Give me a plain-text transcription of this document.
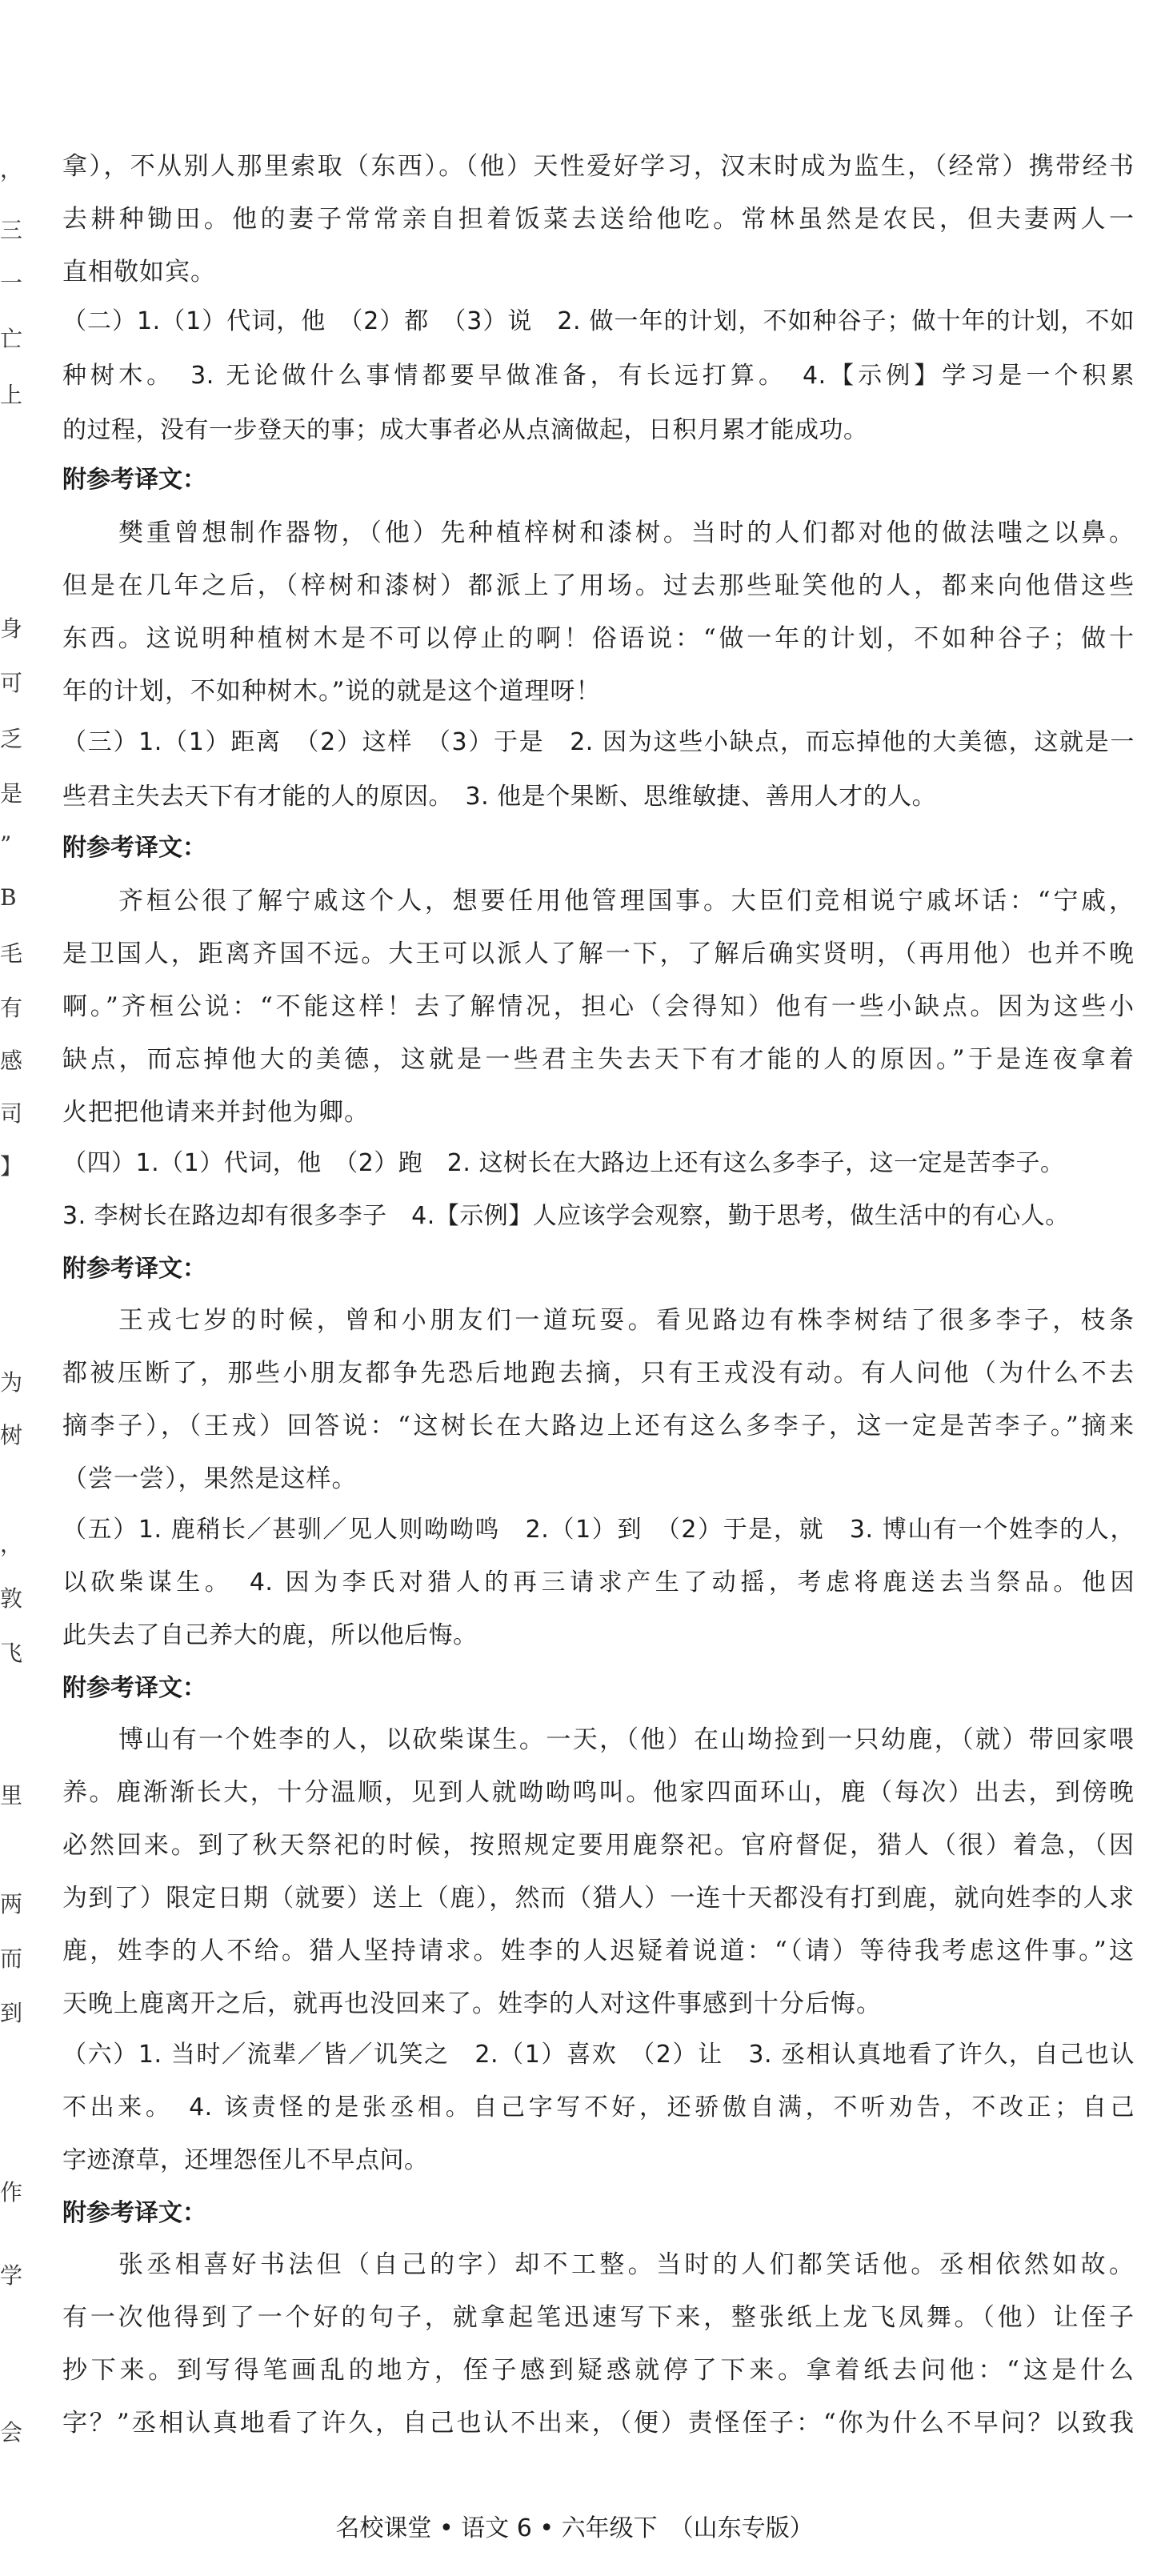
，
三
一
亡
上
身
可
乏
是
”
B
毛
有
感
司
】
为
树
，
敦
飞
里
两
而
到
作
学
会
拿），不从别人那里索取（东西）。（他）天性爱好学习，汉末时成为监生，（经常）携带经书
去耕种锄田。他的妻子常常亲自担着饭菜去送给他吃。常林虽然是农民，但夫妻两人一
直相敬如宾。
（二）1.（1）代词，他　（2）都　（3）说　2. 做一年的计划，不如种谷子；做十年的计划，不如
种树木。　3. 无论做什么事情都要早做准备，有长远打算。　4.【示例】学习是一个积累
的过程，没有一步登天的事；成大事者必从点滴做起，日积月累才能成功。
附参考译文：
樊重曾想制作器物，（他）先种植梓树和漆树。当时的人们都对他的做法嗤之以鼻。
但是在几年之后，（梓树和漆树）都派上了用场。过去那些耻笑他的人，都来向他借这些
东西。这说明种植树木是不可以停止的啊！俗语说：“做一年的计划，不如种谷子；做十
年的计划，不如种树木。”说的就是这个道理呀！
（三）1.（1）距离　（2）这样　（3）于是　2. 因为这些小缺点，而忘掉他的大美德，这就是一
些君主失去天下有才能的人的原因。　3. 他是个果断、思维敏捷、善用人才的人。
附参考译文：
齐桓公很了解宁戚这个人，想要任用他管理国事。大臣们竞相说宁戚坏话：“宁戚，
是卫国人，距离齐国不远。大王可以派人了解一下，了解后确实贤明，（再用他）也并不晚
啊。”齐桓公说：“不能这样！去了解情况，担心（会得知）他有一些小缺点。因为这些小
缺点，而忘掉他大的美德，这就是一些君主失去天下有才能的人的原因。”于是连夜拿着
火把把他请来并封他为卿。
（四）1.（1）代词，他　（2）跑　2. 这树长在大路边上还有这么多李子，这一定是苦李子。
3. 李树长在路边却有很多李子　4.【示例】人应该学会观察，勤于思考，做生活中的有心人。
附参考译文：
王戎七岁的时候，曾和小朋友们一道玩耍。看见路边有株李树结了很多李子，枝条
都被压断了，那些小朋友都争先恐后地跑去摘，只有王戎没有动。有人问他（为什么不去
摘李子），（王戎）回答说：“这树长在大路边上还有这么多李子，这一定是苦李子。”摘来
（尝一尝），果然是这样。
（五）1. 鹿稍长／甚驯／见人则呦呦鸣　2.（1）到　（2）于是，就　3. 博山有一个姓李的人，
以砍柴谋生。　4. 因为李氏对猎人的再三请求产生了动摇，考虑将鹿送去当祭品。他因
此失去了自己养大的鹿，所以他后悔。
附参考译文：
博山有一个姓李的人，以砍柴谋生。一天，（他）在山坳捡到一只幼鹿，（就）带回家喂
养。鹿渐渐长大，十分温顺，见到人就呦呦鸣叫。他家四面环山，鹿（每次）出去，到傍晚
必然回来。到了秋天祭祀的时候，按照规定要用鹿祭祀。官府督促，猎人（很）着急，（因
为到了）限定日期（就要）送上（鹿），然而（猎人）一连十天都没有打到鹿，就向姓李的人求
鹿，姓李的人不给。猎人坚持请求。姓李的人迟疑着说道：“（请）等待我考虑这件事。”这
天晚上鹿离开之后，就再也没回来了。姓李的人对这件事感到十分后悔。
（六）1. 当时／流辈／皆／讥笑之　2.（1）喜欢　（2）让　3. 丞相认真地看了许久，自己也认
不出来。　4. 该责怪的是张丞相。自己字写不好，还骄傲自满，不听劝告，不改正；自己
字迹潦草，还埋怨侄儿不早点问。
附参考译文：
张丞相喜好书法但（自己的字）却不工整。当时的人们都笑话他。丞相依然如故。
有一次他得到了一个好的句子，就拿起笔迅速写下来，整张纸上龙飞凤舞。（他）让侄子
抄下来。到写得笔画乱的地方，侄子感到疑惑就停了下来。拿着纸去问他：“这是什么
字？”丞相认真地看了许久，自己也认不出来，（便）责怪侄子：“你为什么不早问？以致我
名校课堂 • 语文 6 • 六年级下　（山东专版）
